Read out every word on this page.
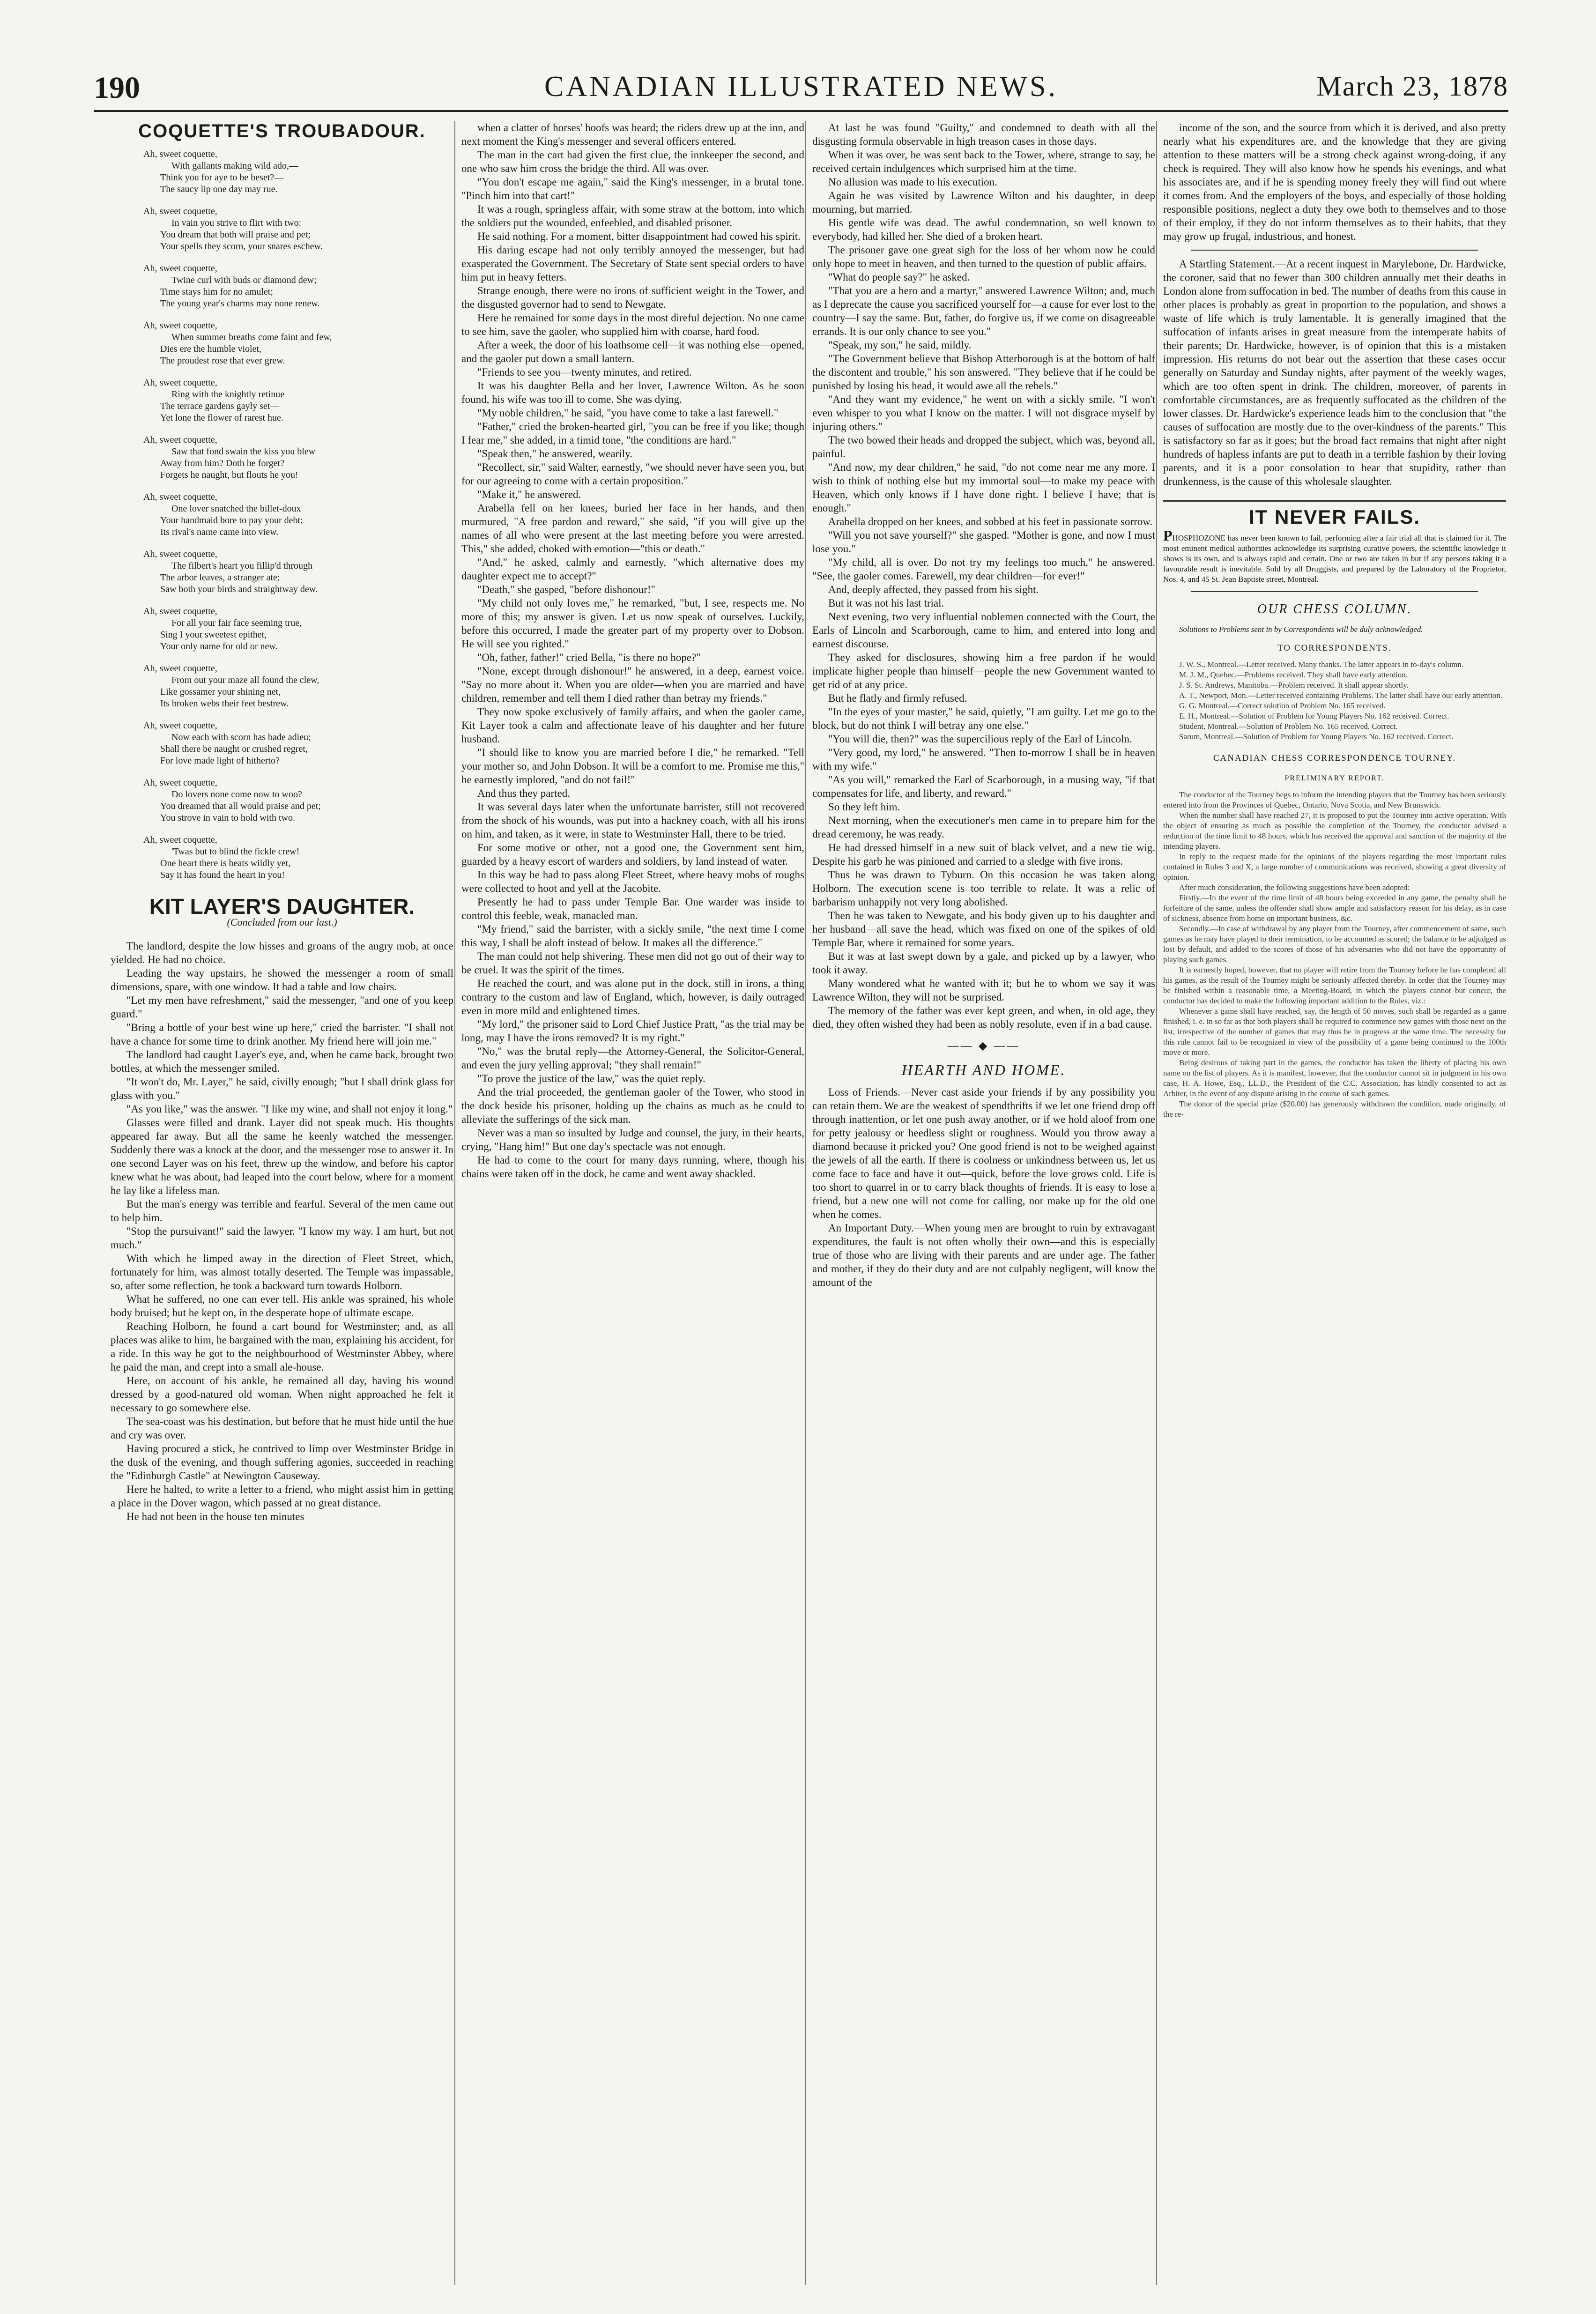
190	CANADIAN ILLUSTRATED NEWS.	March 23, 1878
COQUETTE'S TROUBADOUR.
Ah, sweet coquette,
With gallants making wild ado,—
Think you for aye to be beset?—
The saucy lip one day may rue.
Ah, sweet coquette,
In vain you strive to flirt with two:
You dream that both will praise and pet;
Your spells they scorn, your snares eschew.
Ah, sweet coquette,
Twine curl with buds or diamond dew;
Time stays him for no amulet;
The young year's charms may none renew.
Ah, sweet coquette,
When summer breaths come faint and few,
Dies ere the humble violet,
The proudest rose that ever grew.
Ah, sweet coquette,
Ring with the knightly retinue
The terrace gardens gayly set—
Yet lone the flower of rarest hue.
Ah, sweet coquette,
Saw that fond swain the kiss you blew
Away from him? Doth he forget?
Forgets he naught, but flouts he you!
Ah, sweet coquette,
One lover snatched the billet-doux
Your handmaid bore to pay your debt;
Its rival's name came into view.
Ah, sweet coquette,
The filbert's heart you fillip'd through
The arbor leaves, a stranger ate;
Saw both your birds and straightway dew.
Ah, sweet coquette,
For all your fair face seeming true,
Sing I your sweetest epithet,
Your only name for old or new.
Ah, sweet coquette,
From out your maze all found the clew,
Like gossamer your shining net,
Its broken webs their feet bestrew.
Ah, sweet coquette,
Now each with scorn has bade adieu;
Shall there be naught or crushed regret,
For love made light of hitherto?
Ah, sweet coquette,
Do lovers none come now to woo?
You dreamed that all would praise and pet;
You strove in vain to hold with two.
Ah, sweet coquette,
'Twas but to blind the fickle crew!
One heart there is beats wildly yet,
Say it has found the heart in you!
KIT LAYER'S DAUGHTER.
(Concluded from our last.)

The landlord, despite the low hisses and groans of the angry mob, at once yielded. He had no choice.

Leading the way upstairs, he showed the messenger a room of small dimensions, spare, with one window. It had a table and low chairs.

"Let my men have refreshment," said the messenger, "and one of you keep guard."

"Bring a bottle of your best wine up here," cried the barrister. "I shall not have a chance for some time to drink another. My friend here will join me."

The landlord had caught Layer's eye, and, when he came back, brought two bottles, at which the messenger smiled.

"It won't do, Mr. Layer," he said, civilly enough; "but I shall drink glass for glass with you."

"As you like," was the answer. "I like my wine, and shall not enjoy it long."

Glasses were filled and drank. Layer did not speak much. His thoughts appeared far away. But all the same he keenly watched the messenger. Suddenly there was a knock at the door, and the messenger rose to answer it. In one second Layer was on his feet, threw up the window, and before his captor knew what he was about, had leaped into the court below, where for a moment he lay like a lifeless man.

But the man's energy was terrible and fearful. Several of the men came out to help him.

"Stop the pursuivant!" said the lawyer. "I know my way. I am hurt, but not much."

With which he limped away in the direction of Fleet Street, which, fortunately for him, was almost totally deserted. The Temple was impassable, so, after some reflection, he took a backward turn towards Holborn.

What he suffered, no one can ever tell. His ankle was sprained, his whole body bruised; but he kept on, in the desperate hope of ultimate escape.

Reaching Holborn, he found a cart bound for Westminster; and, as all places was alike to him, he bargained with the man, explaining his accident, for a ride. In this way he got to the neighbourhood of Westminster Abbey, where he paid the man, and crept into a small ale-house.

Here, on account of his ankle, he remained all day, having his wound dressed by a good-natured old woman. When night approached he felt it necessary to go somewhere else.

The sea-coast was his destination, but before that he must hide until the hue and cry was over.

Having procured a stick, he contrived to limp over Westminster Bridge in the dusk of the evening, and though suffering agonies, succeeded in reaching the "Edinburgh Castle" at Newington Causeway.

Here he halted, to write a letter to a friend, who might assist him in getting a place in the Dover wagon, which passed at no great distance.

He had not been in the house ten minutes

when a clatter of horses' hoofs was heard; the riders drew up at the inn, and next moment the King's messenger and several officers entered.

The man in the cart had given the first clue, the innkeeper the second, and one who saw him cross the bridge the third. All was over.

"You don't escape me again," said the King's messenger, in a brutal tone. "Pinch him into that cart!"

It was a rough, springless affair, with some straw at the bottom, into which the soldiers put the wounded, enfeebled, and disabled prisoner.

He said nothing. For a moment, bitter disappointment had cowed his spirit.

His daring escape had not only terribly annoyed the messenger, but had exasperated the Government. The Secretary of State sent special orders to have him put in heavy fetters.

Strange enough, there were no irons of sufficient weight in the Tower, and the disgusted governor had to send to Newgate.

Here he remained for some days in the most direful dejection. No one came to see him, save the gaoler, who supplied him with coarse, hard food.

After a week, the door of his loathsome cell—it was nothing else—opened, and the gaoler put down a small lantern.

"Friends to see you—twenty minutes, and retired.

It was his daughter Bella and her lover, Lawrence Wilton. As he soon found, his wife was too ill to come. She was dying.

"My noble children," he said, "you have come to take a last farewell."

"Father," cried the broken-hearted girl, "you can be free if you like; though I fear me," she added, in a timid tone, "the conditions are hard."

"Speak then," he answered, wearily.

"Recollect, sir," said Walter, earnestly, "we should never have seen you, but for our agreeing to come with a certain proposition."

"Make it," he answered.

Arabella fell on her knees, buried her face in her hands, and then murmured, "A free pardon and reward," she said, "if you will give up the names of all who were present at the last meeting before you were arrested. This," she added, choked with emotion—"this or death."

"And," he asked, calmly and earnestly, "which alternative does my daughter expect me to accept?"

"Death," she gasped, "before dishonour!"

"My child not only loves me," he remarked, "but, I see, respects me. No more of this; my answer is given. Let us now speak of ourselves. Luckily, before this occurred, I made the greater part of my property over to Dobson. He will see you righted."

"Oh, father, father!" cried Bella, "is there no hope?"

"None, except through dishonour!" he answered, in a deep, earnest voice. "Say no more about it. When you are older—when you are married and have children, remember and tell them I died rather than betray my friends."

They now spoke exclusively of family affairs, and when the gaoler came, Kit Layer took a calm and affectionate leave of his daughter and her future husband.

"I should like to know you are married before I die," he remarked. "Tell your mother so, and John Dobson. It will be a comfort to me. Promise me this," he earnestly implored, "and do not fail!"

And thus they parted.

It was several days later when the unfortunate barrister, still not recovered from the shock of his wounds, was put into a hackney coach, with all his irons on him, and taken, as it were, in state to Westminster Hall, there to be tried.

For some motive or other, not a good one, the Government sent him, guarded by a heavy escort of warders and soldiers, by land instead of water.

In this way he had to pass along Fleet Street, where heavy mobs of roughs were collected to hoot and yell at the Jacobite.

Presently he had to pass under Temple Bar. One warder was inside to control this feeble, weak, manacled man.

"My friend," said the barrister, with a sickly smile, "the next time I come this way, I shall be aloft instead of below. It makes all the difference."

The man could not help shivering. These men did not go out of their way to be cruel. It was the spirit of the times.

He reached the court, and was alone put in the dock, still in irons, a thing contrary to the custom and law of England, which, however, is daily outraged even in more mild and enlightened times.

"My lord," the prisoner said to Lord Chief Justice Pratt, "as the trial may be long, may I have the irons removed? It is my right."

"No," was the brutal reply—the Attorney-General, the Solicitor-General, and even the jury yelling approval; "they shall remain!"

"To prove the justice of the law," was the quiet reply.

And the trial proceeded, the gentleman gaoler of the Tower, who stood in the dock beside his prisoner, holding up the chains as much as he could to alleviate the sufferings of the sick man.

Never was a man so insulted by Judge and counsel, the jury, in their hearts, crying, "Hang him!" But one day's spectacle was not enough.

He had to come to the court for many days running, where, though his chains were taken off in the dock, he came and went away shackled.

At last he was found "Guilty," and condemned to death with all the disgusting formula observable in high treason cases in those days.

When it was over, he was sent back to the Tower, where, strange to say, he received certain indulgences which surprised him at the time.

No allusion was made to his execution.

Again he was visited by Lawrence Wilton and his daughter, in deep mourning, but married.

His gentle wife was dead. The awful condemnation, so well known to everybody, had killed her. She died of a broken heart.

The prisoner gave one great sigh for the loss of her whom now he could only hope to meet in heaven, and then turned to the question of public affairs.

"What do people say?" he asked.

"That you are a hero and a martyr," answered Lawrence Wilton; and, much as I deprecate the cause you sacrificed yourself for—a cause for ever lost to the country—I say the same. But, father, do forgive us, if we come on disagreeable errands. It is our only chance to see you."

"Speak, my son," he said, mildly.

"The Government believe that Bishop Atterborough is at the bottom of half the discontent and trouble," his son answered. "They believe that if he could be punished by losing his head, it would awe all the rebels."

"And they want my evidence," he went on with a sickly smile. "I won't even whisper to you what I know on the matter. I will not disgrace myself by injuring others."

The two bowed their heads and dropped the subject, which was, beyond all, painful.

"And now, my dear children," he said, "do not come near me any more. I wish to think of nothing else but my immortal soul—to make my peace with Heaven, which only knows if I have done right. I believe I have; that is enough."

Arabella dropped on her knees, and sobbed at his feet in passionate sorrow.

"Will you not save yourself?" she gasped. "Mother is gone, and now I must lose you."

"My child, all is over. Do not try my feelings too much," he answered. "See, the gaoler comes. Farewell, my dear children—for ever!"

And, deeply affected, they passed from his sight.

But it was not his last trial.

Next evening, two very influential noblemen connected with the Court, the Earls of Lincoln and Scarborough, came to him, and entered into long and earnest discourse.

They asked for disclosures, showing him a free pardon if he would implicate higher people than himself—people the new Government wanted to get rid of at any price.

But he flatly and firmly refused.

"In the eyes of your master," he said, quietly, "I am guilty. Let me go to the block, but do not think I will betray any one else."

"You will die, then?" was the supercilious reply of the Earl of Lincoln.

"Very good, my lord," he answered. "Then to-morrow I shall be in heaven with my wife."

"As you will," remarked the Earl of Scarborough, in a musing way, "if that compensates for life, and liberty, and reward."

So they left him.

Next morning, when the executioner's men came in to prepare him for the dread ceremony, he was ready.

He had dressed himself in a new suit of black velvet, and a new tie wig. Despite his garb he was pinioned and carried to a sledge with five irons.

Thus he was drawn to Tyburn. On this occasion he was taken along Holborn. The execution scene is too terrible to relate. It was a relic of barbarism unhappily not very long abolished.

Then he was taken to Newgate, and his body given up to his daughter and her husband—all save the head, which was fixed on one of the spikes of old Temple Bar, where it remained for some years.

But it was at last swept down by a gale, and picked up by a lawyer, who took it away.

Many wondered what he wanted with it; but he to whom we say it was Lawrence Wilton, they will not be surprised.

The memory of the father was ever kept green, and when, in old age, they died, they often wished they had been as nobly resolute, even if in a bad cause.

—— ◆ ——
HEARTH AND HOME.

Loss of Friends.—Never cast aside your friends if by any possibility you can retain them. We are the weakest of spendthrifts if we let one friend drop off through inattention, or let one push away another, or if we hold aloof from one for petty jealousy or heedless slight or roughness. Would you throw away a diamond because it pricked you? One good friend is not to be weighed against the jewels of all the earth. If there is coolness or unkindness between us, let us come face to face and have it out—quick, before the love grows cold. Life is too short to quarrel in or to carry black thoughts of friends. It is easy to lose a friend, but a new one will not come for calling, nor make up for the old one when he comes.

An Important Duty.—When young men are brought to ruin by extravagant expenditures, the fault is not often wholly their own—and this is especially true of those who are living with their parents and are under age. The father and mother, if they do their duty and are not culpably negligent, will know the amount of the

income of the son, and the source from which it is derived, and also pretty nearly what his expenditures are, and the knowledge that they are giving attention to these matters will be a strong check against wrong-doing, if any check is required. They will also know how he spends his evenings, and what his associates are, and if he is spending money freely they will find out where it comes from. And the employers of the boys, and especially of those holding responsible positions, neglect a duty they owe both to themselves and to those of their employ, if they do not inform themselves as to their habits, that they may grow up frugal, industrious, and honest.

A Startling Statement.—At a recent inquest in Marylebone, Dr. Hardwicke, the coroner, said that no fewer than 300 children annually met their deaths in London alone from suffocation in bed. The number of deaths from this cause in other places is probably as great in proportion to the population, and shows a waste of life which is truly lamentable. It is generally imagined that the suffocation of infants arises in great measure from the intemperate habits of their parents; Dr. Hardwicke, however, is of opinion that this is a mistaken impression. His returns do not bear out the assertion that these cases occur generally on Saturday and Sunday nights, after payment of the weekly wages, which are too often spent in drink. The children, moreover, of parents in comfortable circumstances, are as frequently suffocated as the children of the lower classes. Dr. Hardwicke's experience leads him to the conclusion that "the causes of suffocation are mostly due to the over-kindness of the parents." This is satisfactory so far as it goes; but the broad fact remains that night after night hundreds of hapless infants are put to death in a terrible fashion by their loving parents, and it is a poor consolation to hear that stupidity, rather than drunkenness, is the cause of this wholesale slaughter.

IT NEVER FAILS.

PHOSPHOZONE has never been known to fail, performing after a fair trial all that is claimed for it. The most eminent medical authorities acknowledge its surprising curative powers, the scientific knowledge it shows is its own, and is always rapid and certain. One or two are taken in but if any persons taking it a favourable result is inevitable. Sold by all Druggists, and prepared by the Laboratory of the Proprietor, Nos. 4, and 45 St. Jean Baptiste street, Montreal.

OUR CHESS COLUMN.

Solutions to Problems sent in by Correspondents will be duly acknowledged.

TO CORRESPONDENTS.

J. W. S., Montreal.—Letter received. Many thanks. The latter appears in to-day's column.

M. J. M., Quebec.—Problems received. They shall have early attention.

J. S. St. Andrews, Manitoba.—Problem received. It shall appear shortly.

A. T., Newport, Mon.—Letter received containing Problems. The latter shall have our early attention.

G. G. Montreal.—Correct solution of Problem No. 165 received.

E. H., Montreal.—Solution of Problem for Young Players No. 162 received. Correct.

Student, Montreal.—Solution of Problem No. 165 received. Correct.

Sarum, Montreal.—Solution of Problem for Young Players No. 162 received. Correct.

CANADIAN CHESS CORRESPONDENCE TOURNEY.
PRELIMINARY REPORT.

The conductor of the Tourney begs to inform the intending players that the Tourney has been seriously entered into from the Provinces of Quebec, Ontario, Nova Scotia, and New Brunswick.

When the number shall have reached 27, it is proposed to put the Tourney into active operation. With the object of ensuring as much as possible the completion of the Tourney, the conductor advised a reduction of the time limit to 48 hours, which has received the approval and sanction of the majority of the intending players.

In reply to the request made for the opinions of the players regarding the most important rules contained in Rules 3 and X, a large number of communications was received, showing a great diversity of opinion.

After much consideration, the following suggestions have been adopted:

Firstly.—In the event of the time limit of 48 hours being exceeded in any game, the penalty shall be forfeiture of the same, unless the offender shall show ample and satisfactory reason for his delay, as in case of sickness, absence from home on important business, &c.

Secondly.—In case of withdrawal by any player from the Tourney, after commencement of same, such games as he may have played to their termination, to be accounted as scored; the balance to be adjudged as lost by default, and added to the scores of those of his adversaries who did not have the opportunity of playing such games.

It is earnestly hoped, however, that no player will retire from the Tourney before he has completed all his games, as the result of the Tourney might be seriously affected thereby. In order that the Tourney may be finished within a reasonable time, a Meeting-Board, in which the players cannot but concur, the conductor has decided to make the following important addition to the Rules, viz.:

Whenever a game shall have reached, say, the length of 50 moves, such shall be regarded as a game finished, i. e. in so far as that both players shall be required to commence new games with those next on the list, irrespective of the number of games that may thus be in progress at the same time. The necessity for this rule cannot fail to be recognized in view of the possibility of a game being continued to the 100th move or more.

Being desirous of taking part in the games, the conductor has taken the liberty of placing his own name on the list of players. As it is manifest, however, that the conductor cannot sit in judgment in his own case, H. A. Howe, Esq., LL.D., the President of the C.C. Association, has kindly consented to act as Arbiter, in the event of any dispute arising in the course of such games.

The donor of the special prize ($20.00) has generously withdrawn the condition, made originally, of the re-
